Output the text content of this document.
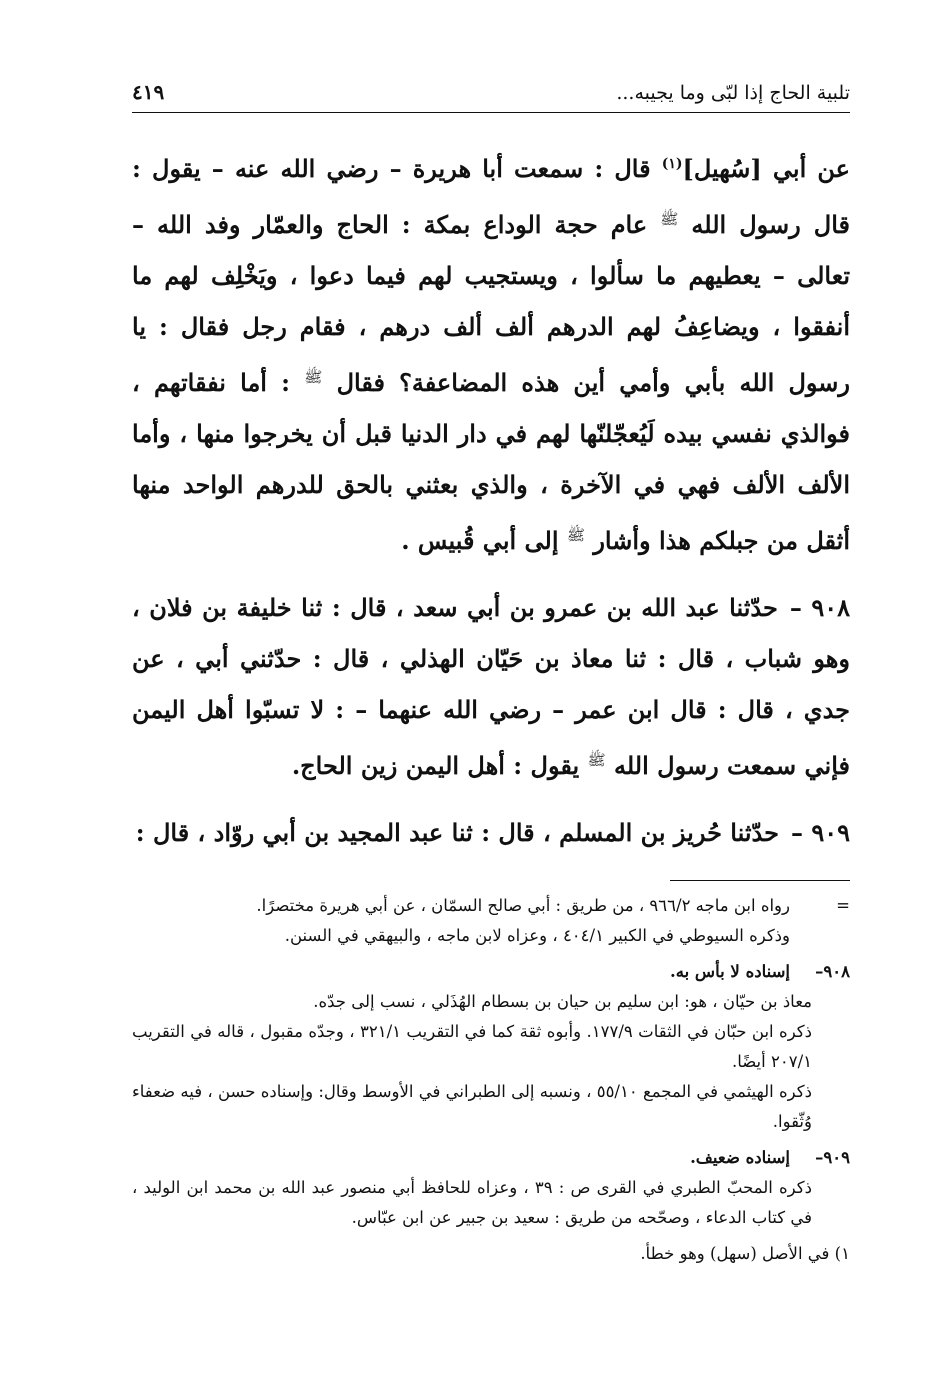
تلبية الحاج إذا لبّى وما يجيبه...
٤١٩

عن أبي [سُهيل]$^{(١)}$ قال : سمعت أبا هريرة – رضي الله عنه – يقول : قال رسول الله $^ﷺ$ عام حجة الوداع بمكة : الحاج والعمّار وفد الله – تعالى – يعطيهم ما سألوا ، ويستجيب لهم فيما دعوا ، ويَخْلِف لهم ما أنفقوا ، ويضاعِفُ لهم الدرهم ألف ألف درهم ، فقام رجل فقال : يا رسول الله بأبي وأمي أين هذه المضاعفة؟ فقال $^ﷺ$ : أما نفقاتهم ، فوالذي نفسي بيده لَيُعجّلنّها لهم في دار الدنيا قبل أن يخرجوا منها ، وأما الألف الألف فهي في الآخرة ، والذي بعثني بالحق للدرهم الواحد منها أثقل من جبلكم هذا وأشار $^ﷺ$ إلى أبي قُبيس .

٩٠٨ –حدّثنا عبد الله بن عمرو بن أبي سعد ، قال : ثنا خليفة بن فلان ، وهو شباب ، قال : ثنا معاذ بن حَيّان الهذلي ، قال : حدّثني أبي ، عن جدي ، قال : قال ابن عمر – رضي الله عنهما – : لا تسبّوا أهل اليمن فإني سمعت رسول الله $^ﷺ$ يقول : أهل اليمن زين الحاج.

٩٠٩ –حدّثنا حُريز بن المسلم ، قال : ثنا عبد المجيد بن أبي روّاد ، قال :

=
رواه ابن ماجه ٩٦٦/٢ ، من طريق : أبي صالح السمّان ، عن أبي هريرة مختصرًا.
وذكره السيوطي في الكبير ٤٠٤/١ ، وعزاه لابن ماجه ، والبيهقي في السنن.
٩٠٨–
إسناده لا بأس به.
معاذ بن حيّان ، هو: ابن سليم بن حيان بن بسطام الهُذَلي ، نسب إلى جدّه.
ذكره ابن حبّان في الثقات ١٧٧/٩. وأبوه ثقة كما في التقريب ٣٢١/١ ، وجدّه مقبول ، قاله في التقريب ٢٠٧/١ أيضًا.
ذكره الهيثمي في المجمع ٥٥/١٠ ، ونسبه إلى الطبراني في الأوسط وقال: وإسناده حسن ، فيه ضعفاء وُثّقوا.
٩٠٩–
إسناده ضعيف.
ذكره المحبّ الطبري في القرى ص : ٣٩ ، وعزاه للحافظ أبي منصور عبد الله بن محمد ابن الوليد ، في كتاب الدعاء ، وصحّحه من طريق : سعيد بن جبير عن ابن عبّاس.
١) في الأصل (سهل) وهو خطأ.
